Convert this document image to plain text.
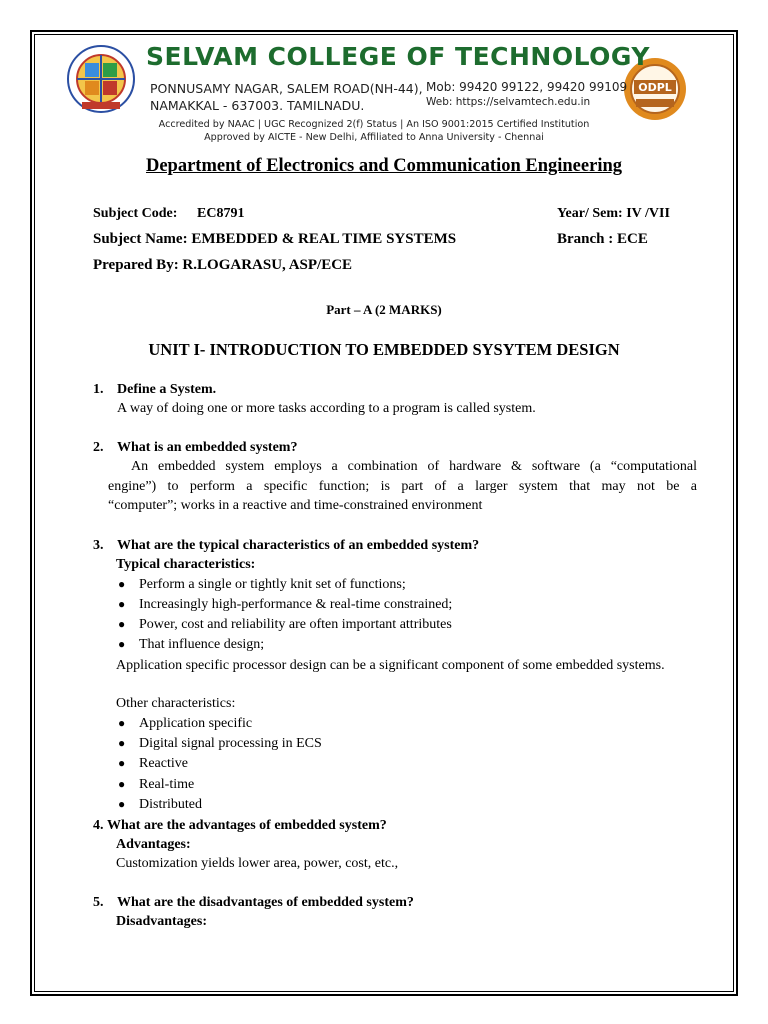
ODPL
SELVAM COLLEGE OF TECHNOLOGY
PONNUSAMY NAGAR, SALEM ROAD(NH-44),
NAMAKKAL - 637003. TAMILNADU.
Mob: 99420 99122, 99420 99109
Web: https://selvamtech.edu.in
Accredited by NAAC | UGC Recognized 2(f) Status | An ISO 9001:2015 Certified Institution
Approved by AICTE - New Delhi, Affiliated to Anna University - Chennai
Department of Electronics and Communication Engineering
Subject Code: EC8791	Year/ Sem: IV /VII
Subject Name: EMBEDDED & REAL TIME SYSTEMS	Branch : ECE
Prepared By: R.LOGARASU, ASP/ECE
Part – A (2 MARKS)
UNIT I- INTRODUCTION TO EMBEDDED SYSYTEM DESIGN
1. Define a System.
A way of doing one or more tasks according to a program is called system.
2. What is an embedded system?
An embedded system employs a combination of hardware & software (a “computational
engine”) to perform a specific function; is part of a larger system that may not be a
“computer”; works in a reactive and time-constrained environment
3. What are the typical characteristics of an embedded system?
Typical characteristics:
● Perform a single or tightly knit set of functions;
● Increasingly high-performance & real-time constrained;
● Power, cost and reliability are often important attributes
● That influence design;
Application specific processor design can be a significant component of some embedded systems.
Other characteristics:
● Application specific
● Digital signal processing in ECS
● Reactive
● Real-time
● Distributed
4. What are the advantages of embedded system?
Advantages:
Customization yields lower area, power, cost, etc.,
5. What are the disadvantages of embedded system?
Disadvantages:
